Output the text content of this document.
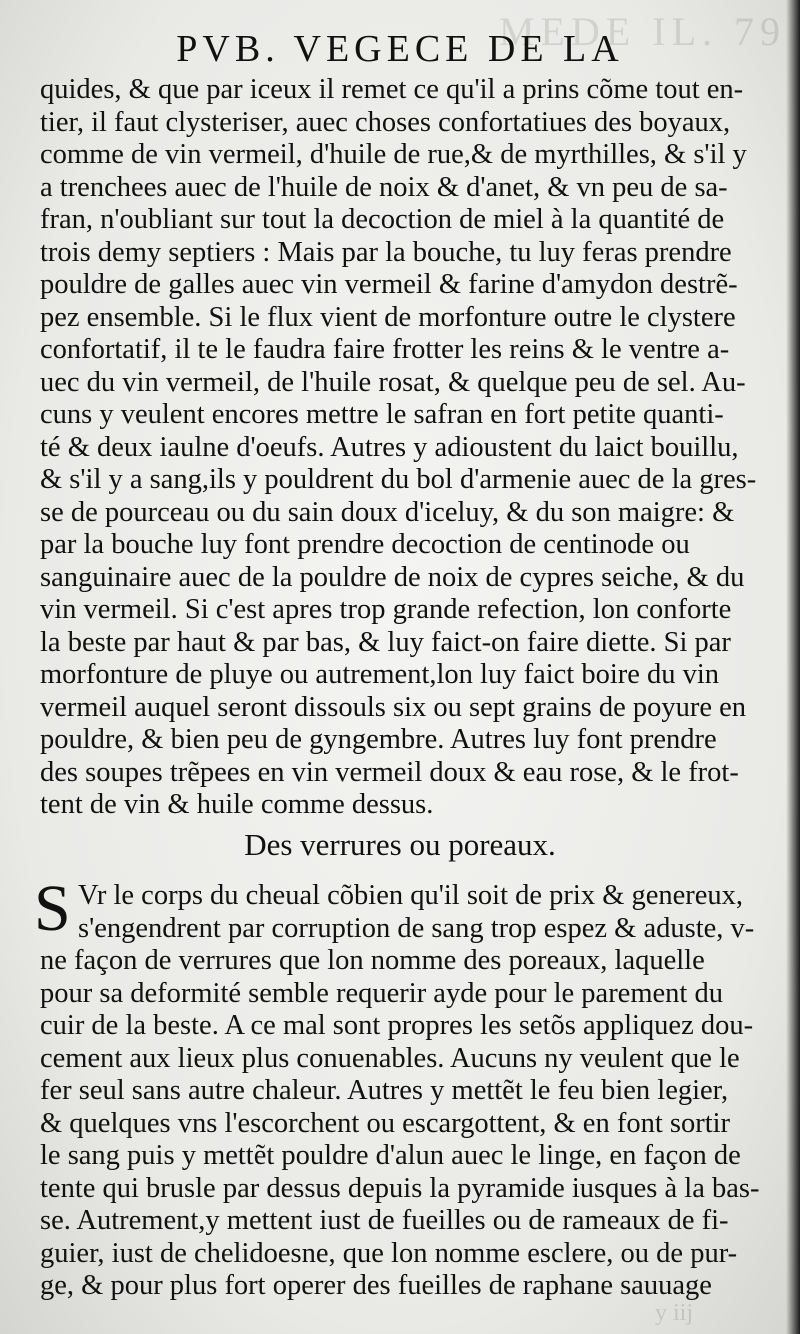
MEDE IL. 79
PVB. VEGECE DE LA
quides, & que par iceux il remet ce qu'il a prins cõme tout en-
tier, il faut clysteriser, auec choses confortatiues des boyaux,
comme de vin vermeil, d'huile de rue,& de myrthilles, & s'il y
a trenchees auec de l'huile de noix & d'anet, & vn peu de sa-
fran, n'oubliant sur tout la decoction de miel à la quantité de
trois demy septiers : Mais par la bouche, tu luy feras prendre
pouldre de galles auec vin vermeil & farine d'amydon destrẽ-
pez ensemble. Si le flux vient de morfonture outre le clystere
confortatif, il te le faudra faire frotter les reins & le ventre a-
uec du vin vermeil, de l'huile rosat, & quelque peu de sel. Au-
cuns y veulent encores mettre le safran en fort petite quanti-
té & deux iaulne d'oeufs. Autres y adioustent du laict bouillu,
& s'il y a sang,ils y pouldrent du bol d'armenie auec de la gres-
se de pourceau ou du sain doux d'iceluy, & du son maigre: &
par la bouche luy font prendre decoction de centinode ou
sanguinaire auec de la pouldre de noix de cypres seiche, & du
vin vermeil. Si c'est apres trop grande refection, lon conforte
la beste par haut & par bas, & luy faict-on faire diette. Si par
morfonture de pluye ou autrement,lon luy faict boire du vin
vermeil auquel seront dissouls six ou sept grains de poyure en
pouldre, & bien peu de gyngembre. Autres luy font prendre
des soupes trẽpees en vin vermeil doux & eau rose, & le frot-
tent de vin & huile comme dessus.
Des verrures ou poreaux.
S Vr le corps du cheual cõbien qu'il soit de prix & genereux,
s'engendrent par corruption de sang trop espez & aduste, v-
ne façon de verrures que lon nomme des poreaux, laquelle
pour sa deformité semble requerir ayde pour le parement du
cuir de la beste. A ce mal sont propres les setõs appliquez dou-
cement aux lieux plus conuenables. Aucuns ny veulent que le
fer seul sans autre chaleur. Autres y mettẽt le feu bien legier,
& quelques vns l'escorchent ou escargottent, & en font sortir
le sang puis y mettẽt pouldre d'alun auec le linge, en façon de
tente qui brusle par dessus depuis la pyramide iusques à la bas-
se. Autrement,y mettent iust de fueilles ou de rameaux de fi-
guier, iust de chelidoesne, que lon nomme esclere, ou de pur-
ge, & pour plus fort operer des fueilles de raphane sauuage
y iij
